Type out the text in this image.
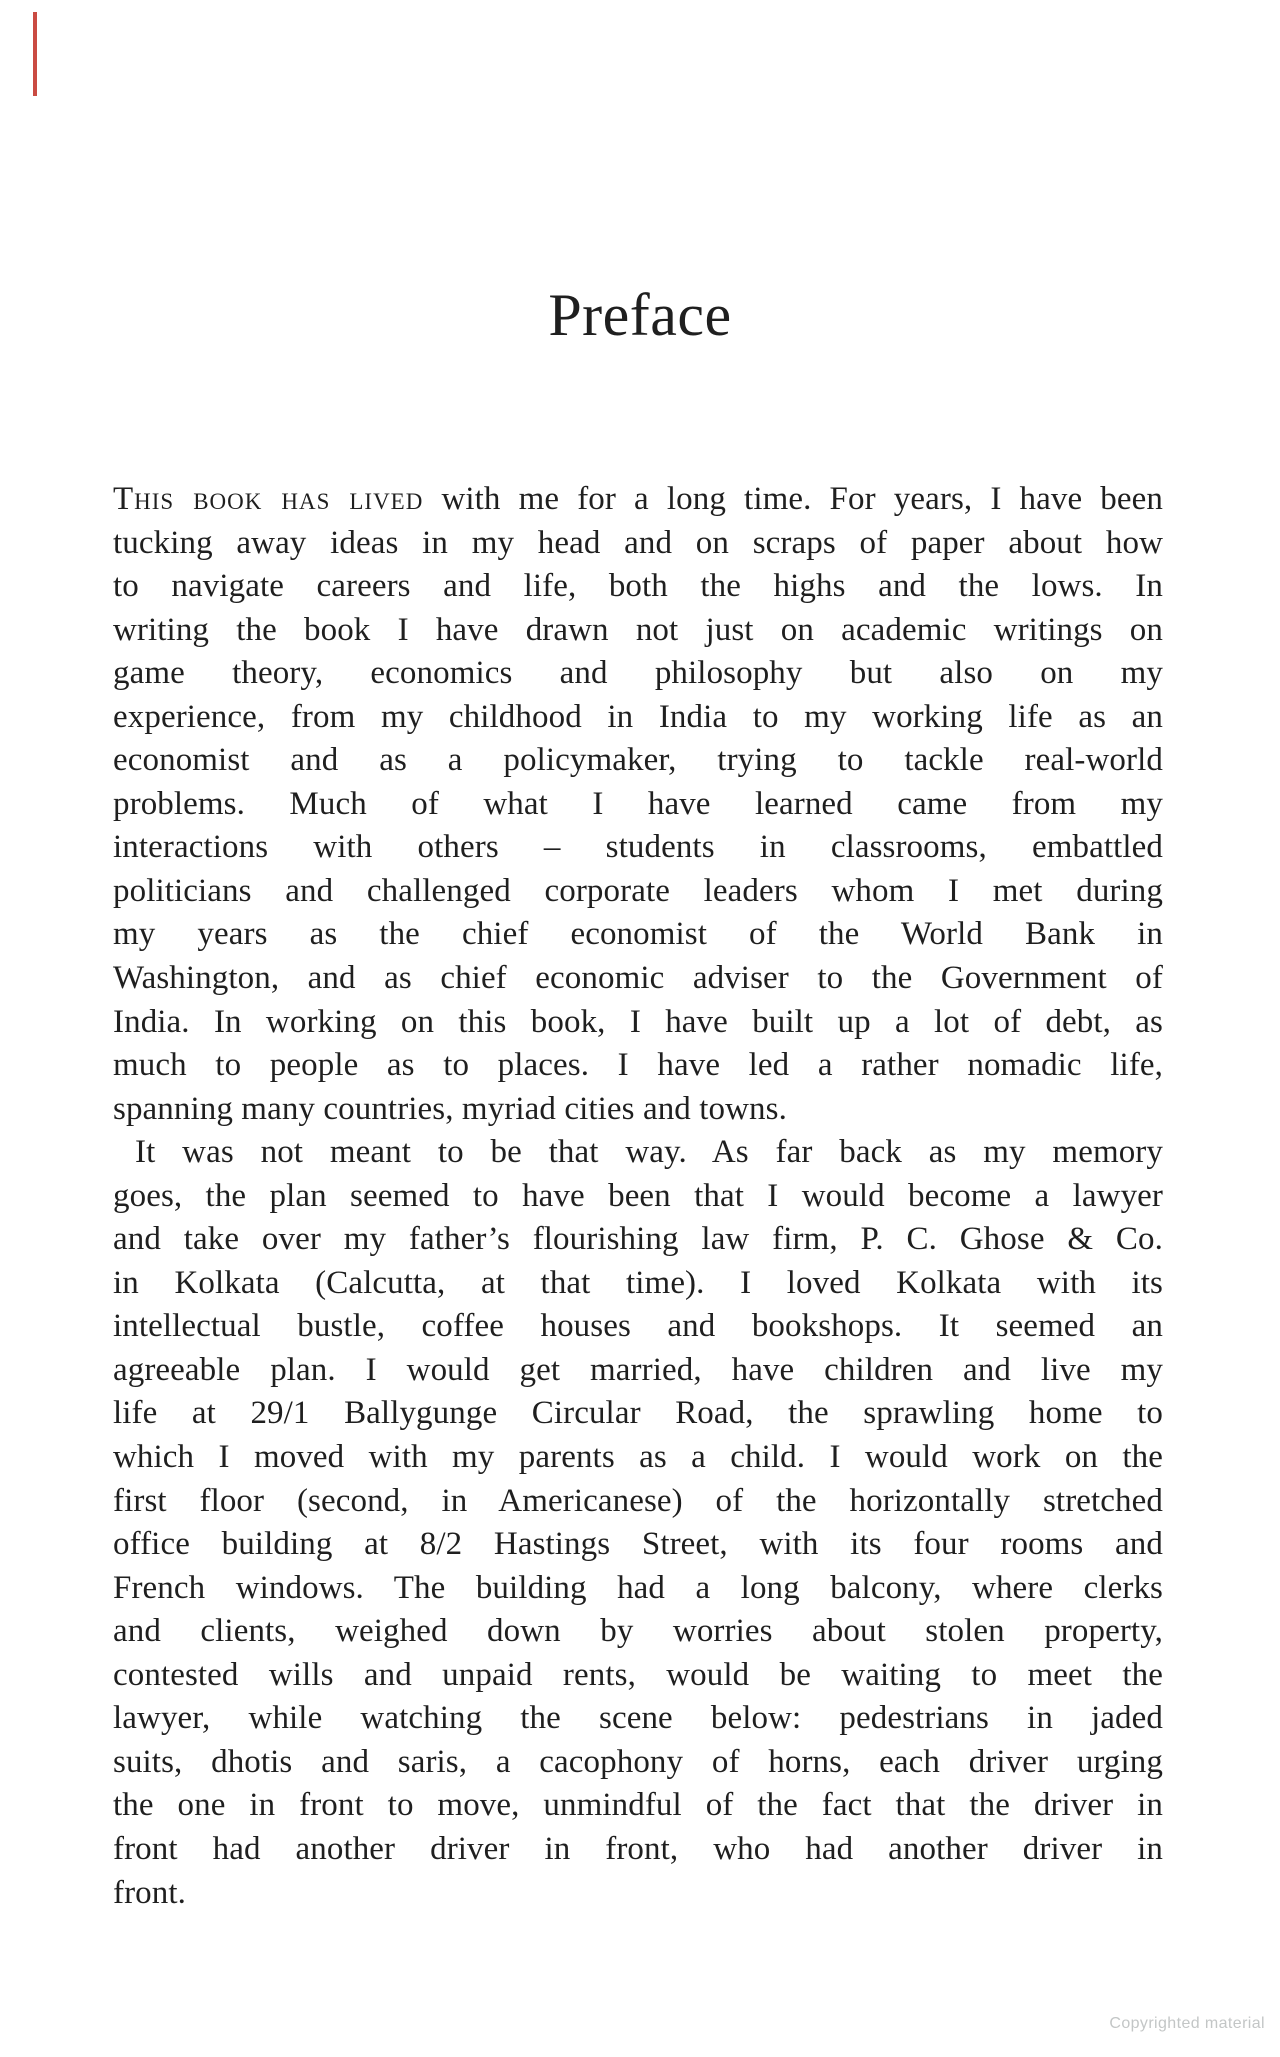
Preface
This book has lived with me for a long time. For years, I have been
tucking away ideas in my head and on scraps of paper about how
to navigate careers and life, both the highs and the lows. In
writing the book I have drawn not just on academic writings on
game theory, economics and philosophy but also on my
experience, from my childhood in India to my working life as an
economist and as a policymaker, trying to tackle real-world
problems. Much of what I have learned came from my
interactions with others – students in classrooms, embattled
politicians and challenged corporate leaders whom I met during
my years as the chief economist of the World Bank in
Washington, and as chief economic adviser to the Government of
India. In working on this book, I have built up a lot of debt, as
much to people as to places. I have led a rather nomadic life,
spanning many countries, myriad cities and towns.
It was not meant to be that way. As far back as my memory
goes, the plan seemed to have been that I would become a lawyer
and take over my father’s flourishing law firm, P. C. Ghose & Co.
in Kolkata (Calcutta, at that time). I loved Kolkata with its
intellectual bustle, coffee houses and bookshops. It seemed an
agreeable plan. I would get married, have children and live my
life at 29/1 Ballygunge Circular Road, the sprawling home to
which I moved with my parents as a child. I would work on the
first floor (second, in Americanese) of the horizontally stretched
office building at 8/2 Hastings Street, with its four rooms and
French windows. The building had a long balcony, where clerks
and clients, weighed down by worries about stolen property,
contested wills and unpaid rents, would be waiting to meet the
lawyer, while watching the scene below: pedestrians in jaded
suits, dhotis and saris, a cacophony of horns, each driver urging
the one in front to move, unmindful of the fact that the driver in
front had another driver in front, who had another driver in
front.
Copyrighted material
